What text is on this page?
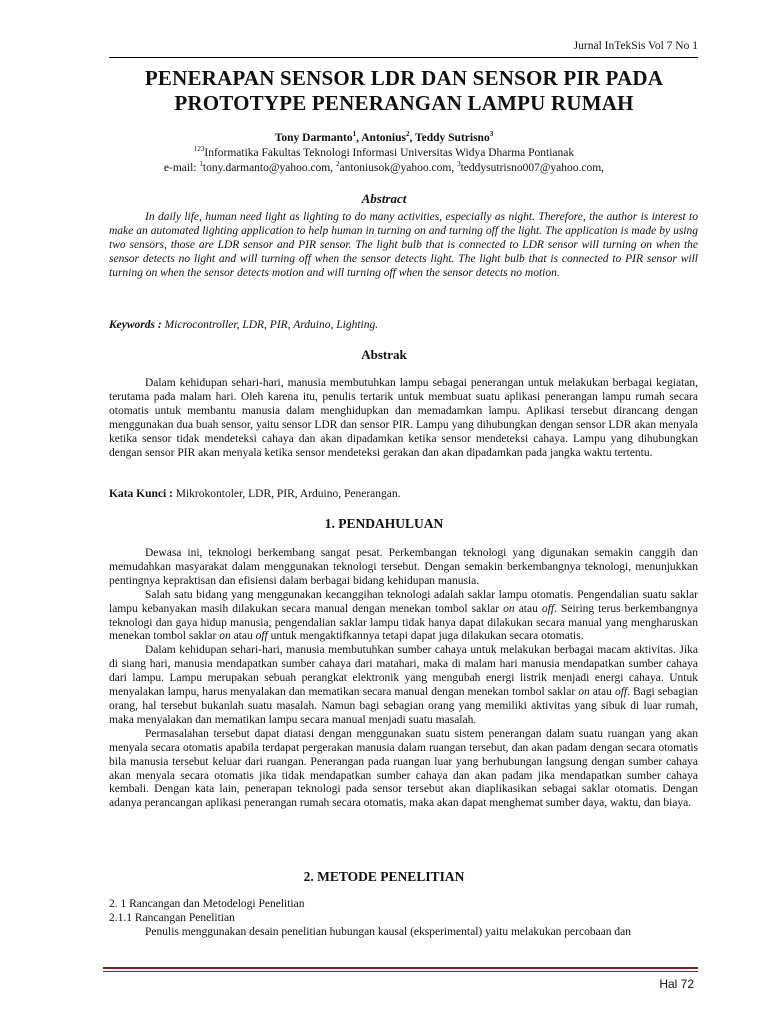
Jurnal InTekSis Vol 7 No 1
PENERAPAN SENSOR LDR DAN SENSOR PIR PADA
PROTOTYPE PENERANGAN LAMPU RUMAH
Tony Darmanto$^1$, Antonius$^2$, Teddy Sutrisno$^3$
$^{123}$Informatika Fakultas Teknologi Informasi Universitas Widya Dharma Pontianak
e-mail: $^1$tony.darmanto@yahoo.com, $^2$antoniusok@yahoo.com, $^3$teddysutrisno007@yahoo.com,
Abstract

In daily life, human need light as lighting to do many activities, especially as night. Therefore, the author is interest to make an automated lighting application to help human in turning on and turning off the light. The application is made by using two sensors, those are LDR sensor and PIR sensor. The light bulb that is connected to LDR sensor will turning on when the sensor detects no light and will turning off when the sensor detects light. The light bulb that is connected to PIR sensor will turning on when the sensor detects motion and will turning off when the sensor detects no motion.

Keywords : Microcontroller, LDR, PIR, Arduino, Lighting.

Abstrak

Dalam kehidupan sehari-hari, manusia membutuhkan lampu sebagai penerangan untuk melakukan berbagai kegiatan, terutama pada malam hari. Oleh karena itu, penulis tertarik untuk membuat suatu aplikasi penerangan lampu rumah secara otomatis untuk membantu manusia dalam menghidupkan dan memadamkan lampu. Aplikasi tersebut dirancang dengan menggunakan dua buah sensor, yaitu sensor LDR dan sensor PIR. Lampu yang dihubungkan dengan sensor LDR akan menyala ketika sensor tidak mendeteksi cahaya dan akan dipadamkan ketika sensor mendeteksi cahaya. Lampu yang dihubungkan dengan sensor PIR akan menyala ketika sensor mendeteksi gerakan dan akan dipadamkan pada jangka waktu tertentu.

Kata Kunci : Mikrokontoler, LDR, PIR, Arduino, Penerangan.

1. PENDAHULUAN

Dewasa ini, teknologi berkembang sangat pesat. Perkembangan teknologi yang digunakan semakin canggih dan memudahkan masyarakat dalam menggunakan teknologi tersebut. Dengan semakin berkembangnya teknologi, menunjukkan pentingnya kepraktisan dan efisiensi dalam berbagai bidang kehidupan manusia.

Salah satu bidang yang menggunakan kecanggihan teknologi adalah saklar lampu otomatis. Pengendalian suatu saklar lampu kebanyakan masih dilakukan secara manual dengan menekan tombol saklar on atau off. Seiring terus berkembangnya teknologi dan gaya hidup manusia, pengendalian saklar lampu tidak hanya dapat dilakukan secara manual yang mengharuskan menekan tombol saklar on atau off untuk mengaktifkannya tetapi dapat juga dilakukan secara otomatis.

Dalam kehidupan sehari-hari, manusia membutuhkan sumber cahaya untuk melakukan berbagai macam aktivitas. Jika di siang hari, manusia mendapatkan sumber cahaya dari matahari, maka di malam hari manusia mendapatkan sumber cahaya dari lampu. Lampu merupakan sebuah perangkat elektronik yang mengubah energi listrik menjadi energi cahaya. Untuk menyalakan lampu, harus menyalakan dan mematikan secara manual dengan menekan tombol saklar on atau off. Bagi sebagian orang, hal tersebut bukanlah suatu masalah. Namun bagi sebagian orang yang memiliki aktivitas yang sibuk di luar rumah, maka menyalakan dan mematikan lampu secara manual menjadi suatu masalah.

Permasalahan tersebut dapat diatasi dengan menggunakan suatu sistem penerangan dalam suatu ruangan yang akan menyala secara otomatis apabila terdapat pergerakan manusia dalam ruangan tersebut, dan akan padam dengan secara otomatis bila manusia tersebut keluar dari ruangan. Penerangan pada ruangan luar yang berhubungan langsung dengan sumber cahaya akan menyala secara otomatis jika tidak mendapatkan sumber cahaya dan akan padam jika mendapatkan sumber cahaya kembali. Dengan kata lain, penerapan teknologi pada sensor tersebut akan diaplikasikan sebagai saklar otomatis. Dengan adanya perancangan aplikasi penerangan rumah secara otomatis, maka akan dapat menghemat sumber daya, waktu, dan biaya.

2. METODE PENELITIAN

2. 1 Rancangan dan Metodelogi Penelitian

2.1.1 Rancangan Penelitian

Penulis menggunakan desain penelitian hubungan kausal (eksperimental) yaitu melakukan percobaan dan

Hal 72
